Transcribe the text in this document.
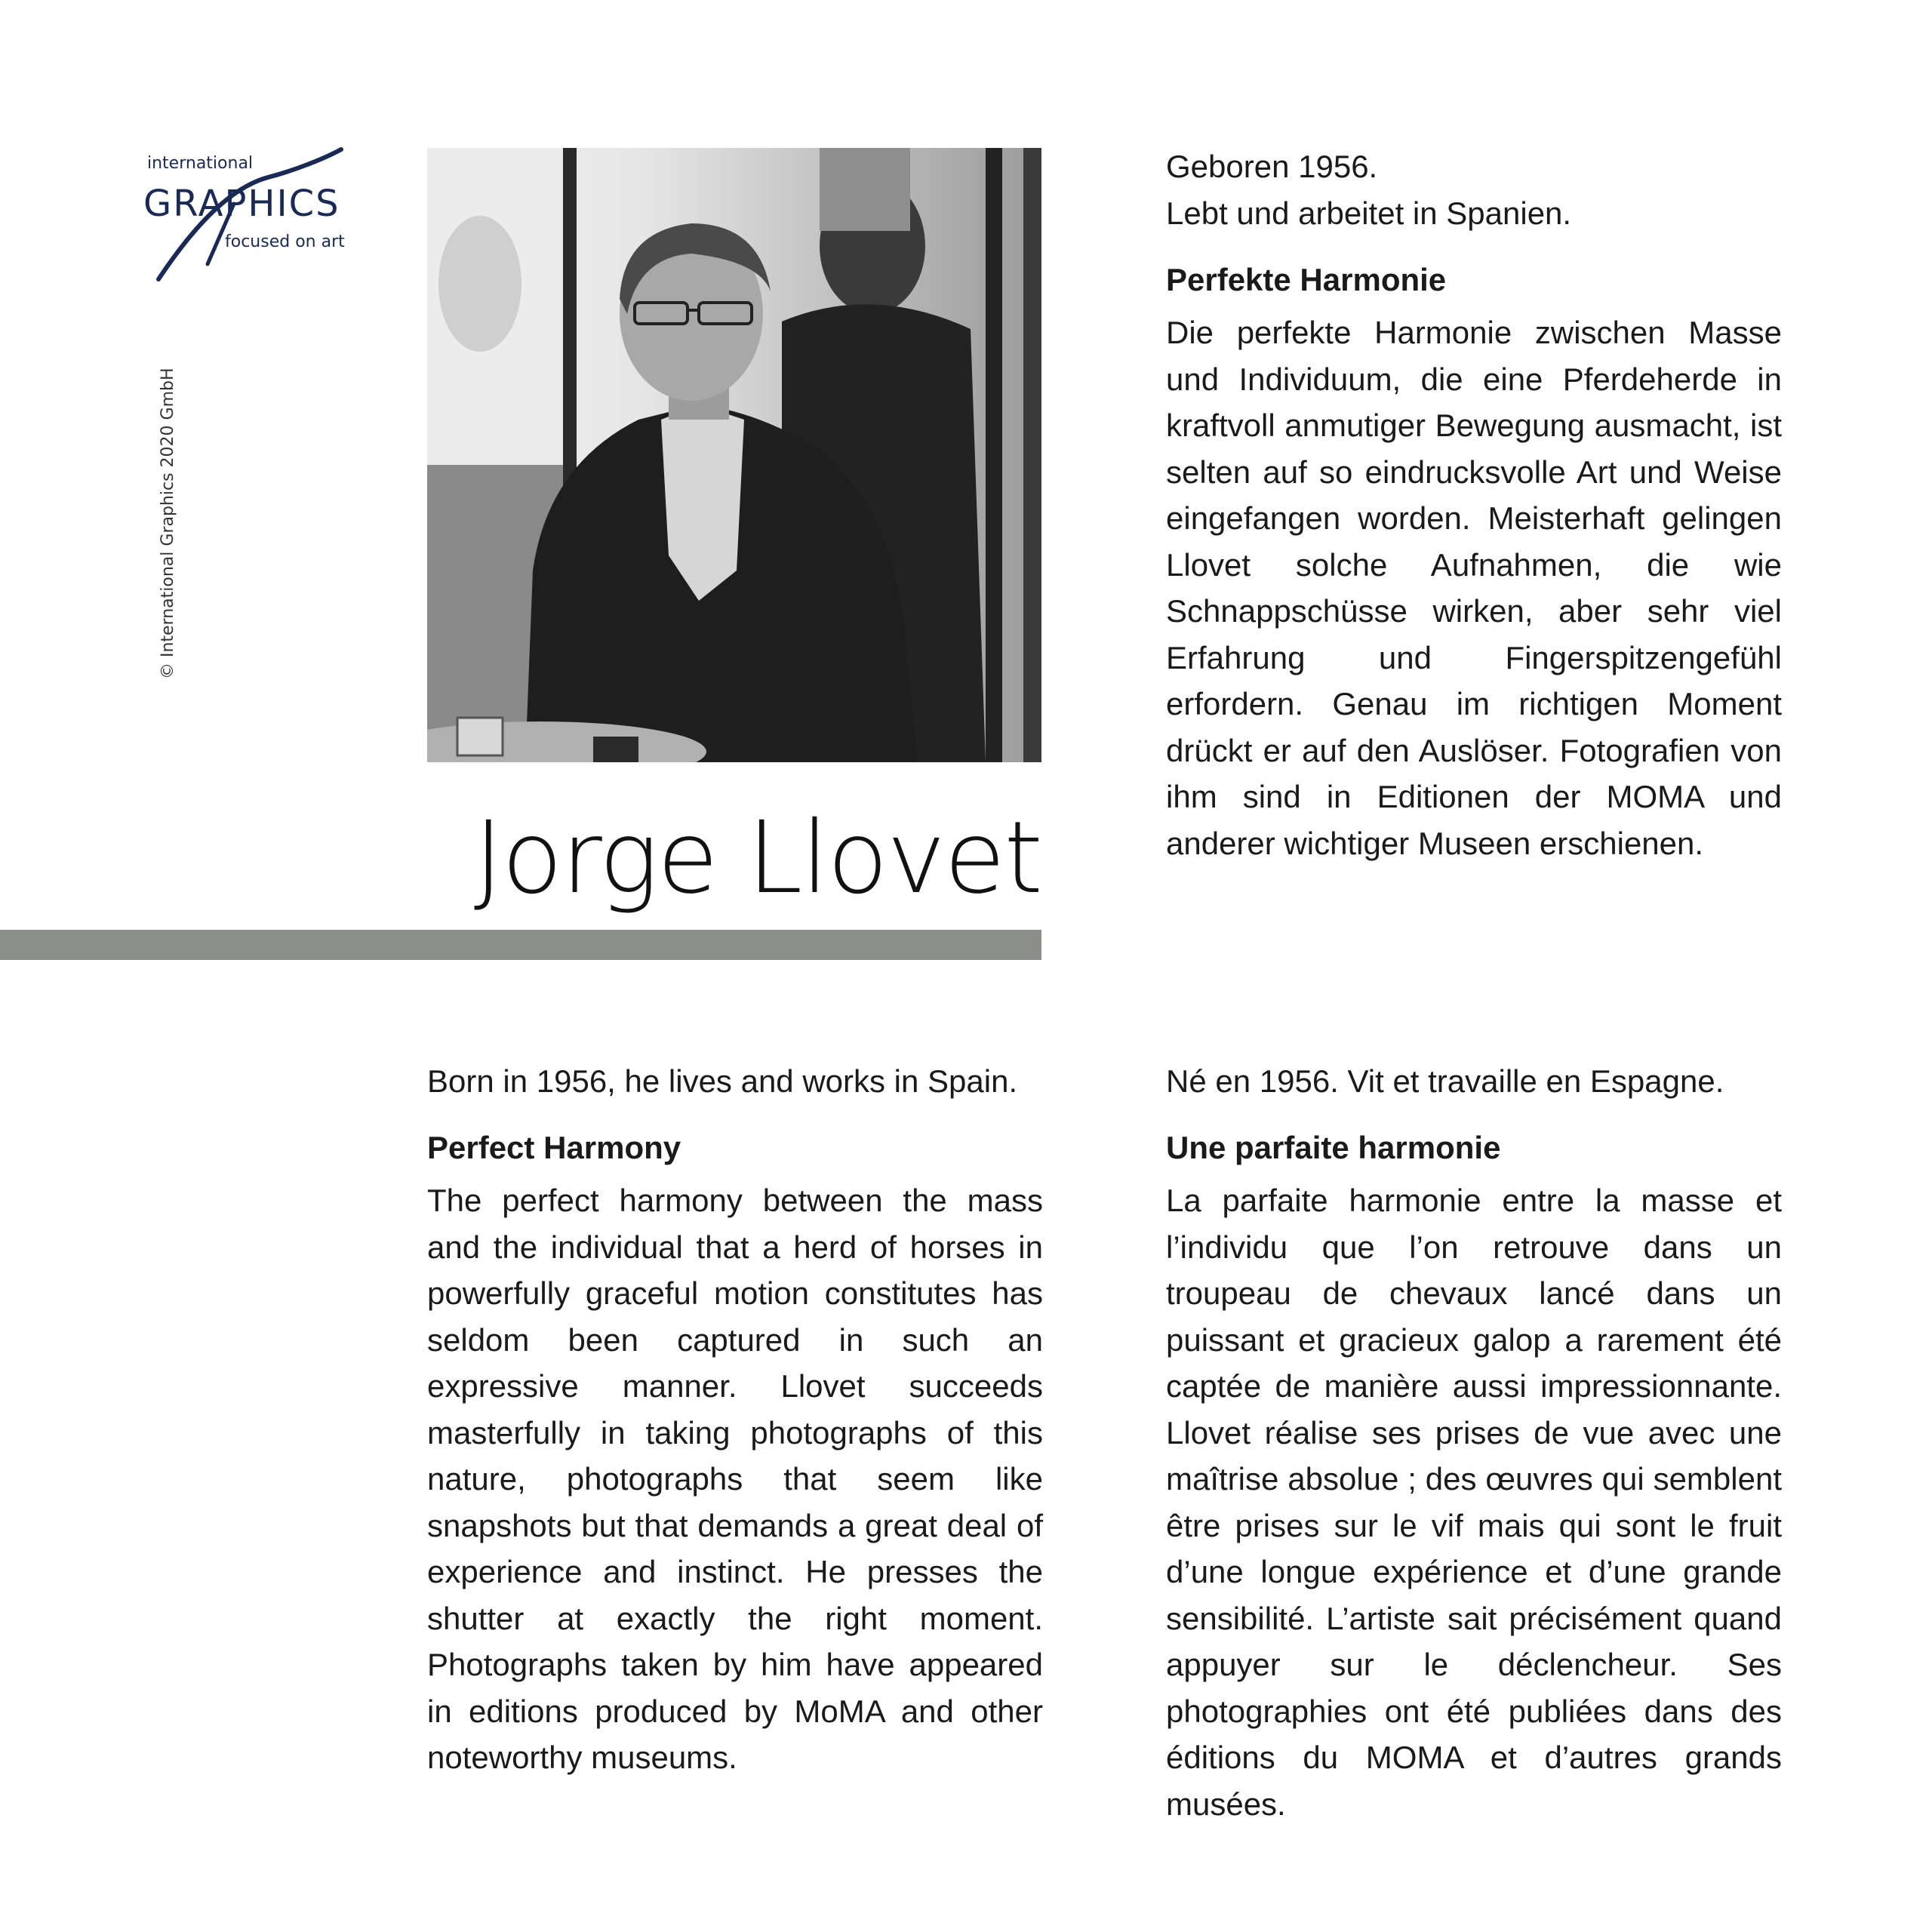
international
GRAPHICS
focused on art
© International Graphics 2020 GmbH
Jorge Llovet

Geboren 1956.
Lebt und arbeitet in Spanien.

Perfekte Harmonie

Die perfekte Harmonie zwischen Masse und Individuum, die eine Pferdeherde in kraftvoll anmutiger Bewegung ausmacht, ist selten auf so eindrucksvolle Art und Weise eingefangen worden. Meisterhaft gelingen Llovet solche Aufnahmen, die wie Schnappschüsse wirken, aber sehr viel Erfahrung und Fingerspitzengefühl erfordern. Genau im richtigen Moment drückt er auf den Auslöser. Fotografien von ihm sind in Editionen der MOMA und anderer wichtiger Museen erschienen.

Born in 1956, he lives and works in Spain.

Perfect Harmony

The perfect harmony between the mass and the individual that a herd of horses in powerfully graceful motion constitutes has seldom been captured in such an expressive manner. Llovet succeeds masterfully in taking photographs of this nature, photographs that seem like snapshots but that demands a great deal of experience and instinct. He presses the shutter at exactly the right moment. Photographs taken by him have appeared in editions produced by MoMA and other noteworthy museums.

Né en 1956. Vit et travaille en Espagne.

Une parfaite harmonie

La parfaite harmonie entre la masse et l’individu que l’on retrouve dans un troupeau de chevaux lancé dans un puissant et gracieux galop a rarement été captée de manière aussi impressionnante. Llovet réalise ses prises de vue avec une maîtrise absolue ; des œuvres qui semblent être prises sur le vif mais qui sont le fruit d’une longue expérience et d’une grande sensibilité. L’artiste sait précisément quand appuyer sur le déclencheur. Ses photographies ont été publiées dans des éditions du MOMA et d’autres grands musées.
